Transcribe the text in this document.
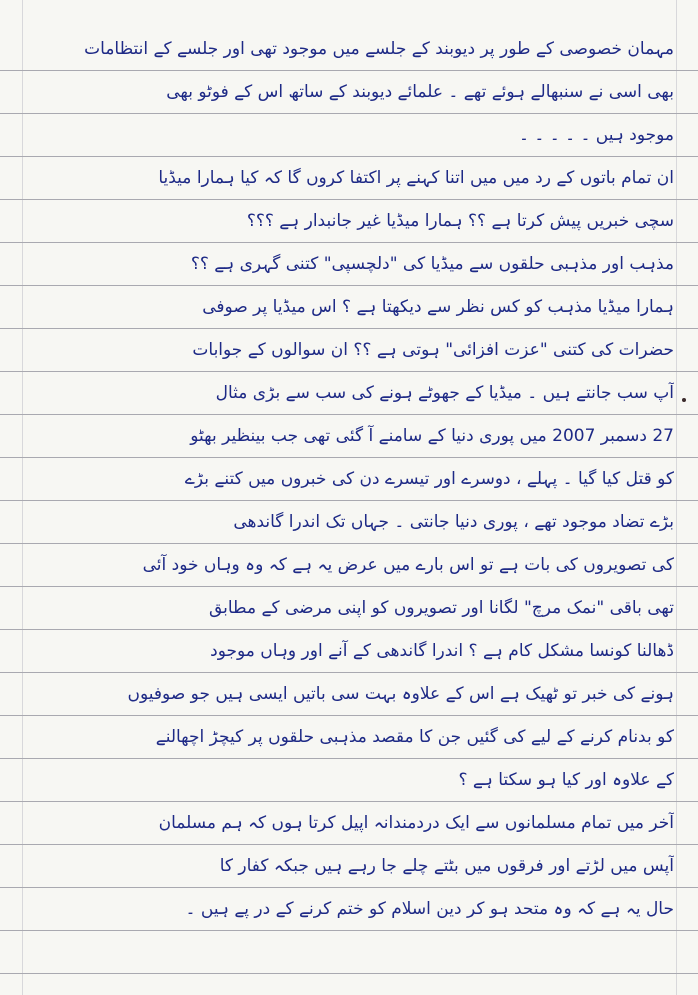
مہمان خصوصی کے طور پر دیوبند کے جلسے میں موجود تھی اور جلسے کے انتظامات
بھی اسی نے سنبھالے ہوئے تھے ۔ علمائے دیوبند کے ساتھ اس کے فوٹو بھی
موجود ہیں ۔ ۔ ۔ ۔ ۔
ان تمام باتوں کے رد میں میں اتنا کہنے پر اکتفا کروں گا کہ کیا ہمارا میڈیا
سچی خبریں پیش کرتا ہے ؟؟ ہمارا میڈیا غیر جانبدار ہے ؟؟؟
مذہب اور مذہبی حلقوں سے میڈیا کی "دلچسپی" کتنی گہری ہے ؟؟
ہمارا میڈیا مذہب کو کس نظر سے دیکھتا ہے ؟ اس میڈیا پر صوفی
حضرات کی کتنی "عزت افزائی" ہوتی ہے ؟؟ ان سوالوں کے جوابات
آپ سب جانتے ہیں ۔ میڈیا کے جھوٹے ہونے کی سب سے بڑی مثال
27 دسمبر 2007 میں پوری دنیا کے سامنے آ گئی تھی جب بینظیر بھٹو
کو قتل کیا گیا ۔ پہلے ، دوسرے اور تیسرے دن کی خبروں میں کتنے بڑے
بڑے تضاد موجود تھے ، پوری دنیا جانتی ۔ جہاں تک اندرا گاندھی
کی تصویروں کی بات ہے تو اس بارے میں عرض یہ ہے کہ وہ وہاں خود آئی
تھی باقی "نمک مرچ" لگانا اور تصویروں کو اپنی مرضی کے مطابق
ڈھالنا کونسا مشکل کام ہے ؟ اندرا گاندھی کے آنے اور وہاں موجود
ہونے کی خبر تو ٹھیک ہے اس کے علاوہ بہت سی باتیں ایسی ہیں جو صوفیوں
کو بدنام کرنے کے لیے کی گئیں جن کا مقصد مذہبی حلقوں پر کیچڑ اچھالنے
کے علاوہ اور کیا ہو سکتا ہے ؟
آخر میں تمام مسلمانوں سے ایک دردمندانہ اپیل کرتا ہوں کہ ہم مسلمان
آپس میں لڑتے اور فرقوں میں بٹتے چلے جا رہے ہیں جبکہ کفار کا
حال یہ ہے کہ وہ متحد ہو کر دین اسلام کو ختم کرنے کے در پے ہیں ۔
